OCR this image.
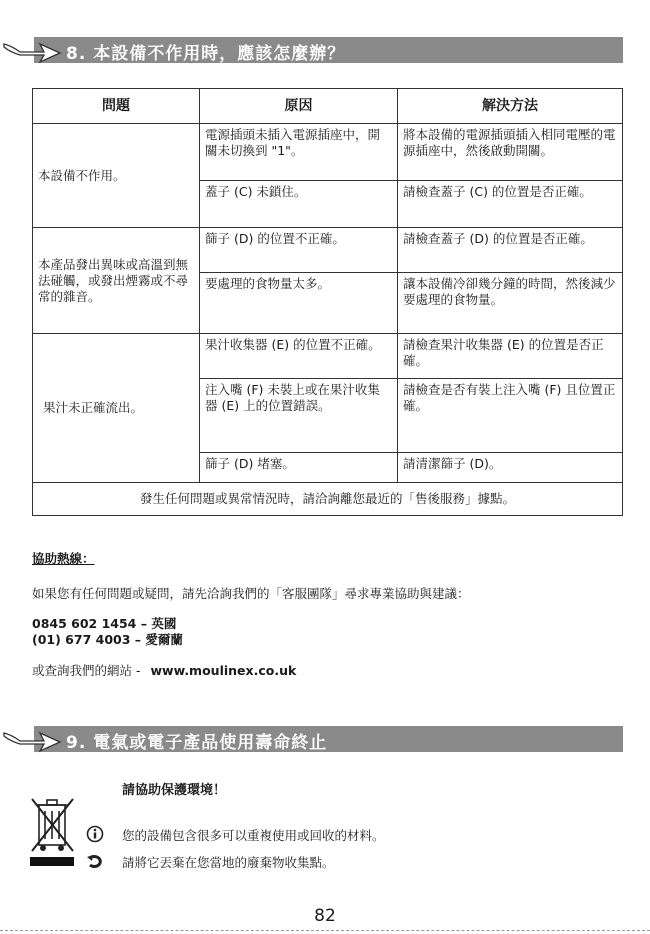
8. 本設備不作用時，應該怎麼辦？
問題	原因	解決方法
本設備不作用。	電源插頭未插入電源插座中，開關未切換到 "1"。	將本設備的電源插頭插入相同電壓的電源插座中，然後啟動開關。
	蓋子 (C) 未鎖住。	請檢查蓋子 (C) 的位置是否正確。
本產品發出異味或高溫到無法碰觸，或發出煙霧或不尋常的雜音。	篩子 (D) 的位置不正確。	請檢查蓋子 (D) 的位置是否正確。
	要處理的食物量太多。	讓本設備冷卻幾分鐘的時間，然後減少要處理的食物量。
果汁未正確流出。	果汁收集器 (E) 的位置不正確。	請檢查果汁收集器 (E) 的位置是否正確。
	注入嘴 (F) 未裝上或在果汁收集器 (E) 上的位置錯誤。	請檢查是否有裝上注入嘴 (F) 且位置正確。
	篩子 (D) 堵塞。	請清潔篩子 (D)。
發生任何問題或異常情況時，請洽詢離您最近的「售後服務」據點。		
協助熱線：
如果您有任何問題或疑問，請先洽詢我們的「客服團隊」尋求專業協助與建議：
0845 602 1454 – 英國
(01) 677 4003 – 愛爾蘭
或查詢我們的網站 - www.moulinex.co.uk
9. 電氣或電子產品使用壽命終止
請協助保護環境！
您的設備包含很多可以重複使用或回收的材料。
請將它丟棄在您當地的廢棄物收集點。
82
